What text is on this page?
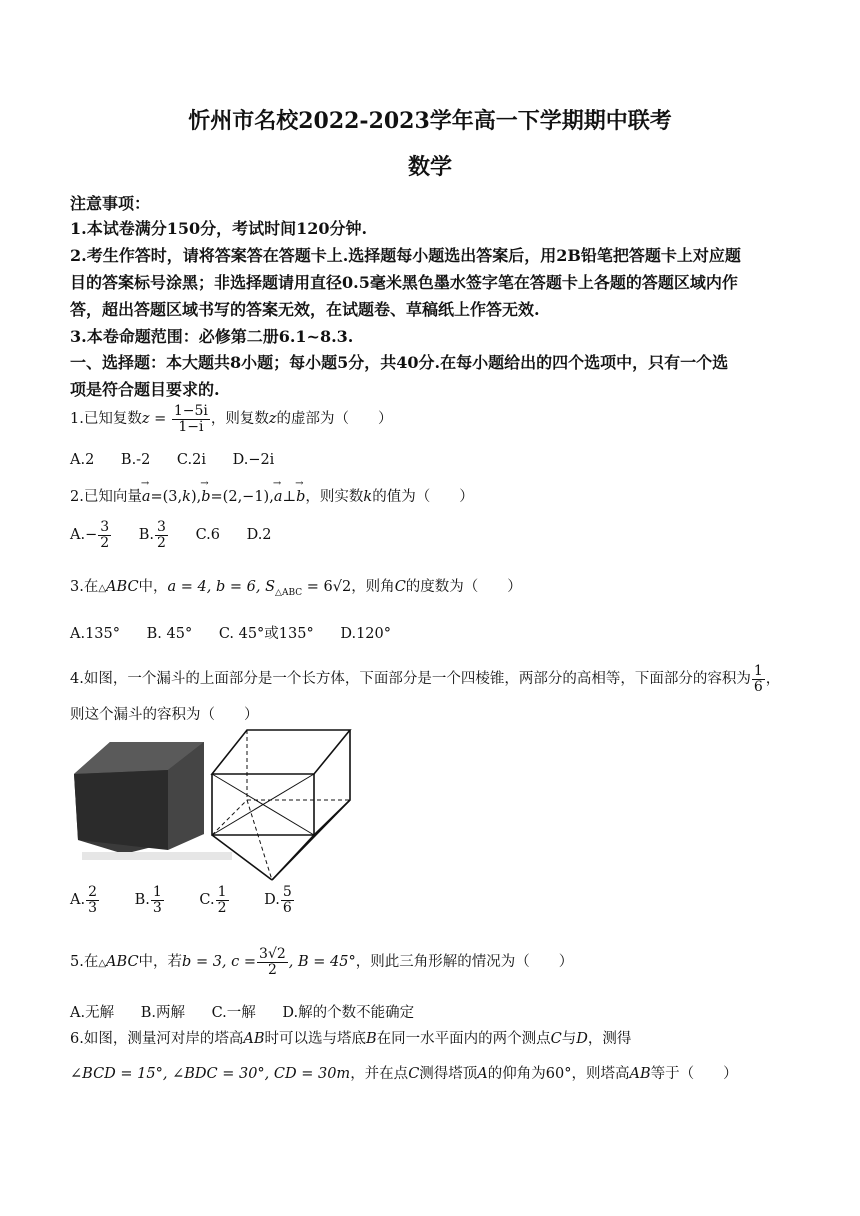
忻州市名校2022-2023学年高一下学期期中联考
数学
注意事项：
1.本试卷满分150分，考试时间120分钟.
2.考生作答时，请将答案答在答题卡上.选择题每小题选出答案后，用2B铅笔把答题卡上对应题
目的答案标号涂黑；非选择题请用直径0.5毫米黑色墨水签字笔在答题卡上各题的答题区域内作
答，超出答题区域书写的答案无效，在试题卷、草稿纸上作答无效.
3.本卷命题范围：必修第二册6.1~8.3.
一、选择题：本大题共8小题；每小题5分，共40分.在每小题给出的四个选项中，只有一个选
项是符合题目要求的.
1.已知复数$z = \frac{1-5i}{1-i}$ ，则复数z的虚部为（　　）
A.2 B.-2 C.2i D.−2i
2.已知向量→ a=(3,k),→ b=(2,−1),→ a⊥→ b，则实数k的值为（　　）
$A.- \frac{3}{2} B$. $\frac{3}{2} C.6$ D.2
3.在△ABC中，a = 4, b = 6, $S_{\triangle ABC} = 6√2$，则角C的度数为（　　）
A.135° B. 45° C. 45°或135° D.120°
4.如图，一个漏斗的上面部分是一个长方体，下面部分是一个四棱锥，两部分的高相等，下面部分的容积为 $\frac{1}{6}$ ，
则这个漏斗的容积为（　　）
A. $\frac{2}{3} B$. $\frac{1}{3} C$. $\frac{1}{2} D$. $\frac{5}{6}$
5.在△ABC中，若b = 3, $c = \frac{3√2}{2}$ , B = 45°，则此三角形解的情况为（　　）
A.无解 B.两解 C.一解 D.解的个数不能确定
6.如图，测量河对岸的塔高AB时可以选与塔底B在同一水平面内的两个测点C与D，测得
∠BCD = 15°, ∠BDC = 30°, CD = 30m，并在点C测得塔顶A的仰角为60°，则塔高AB等于（　　）
